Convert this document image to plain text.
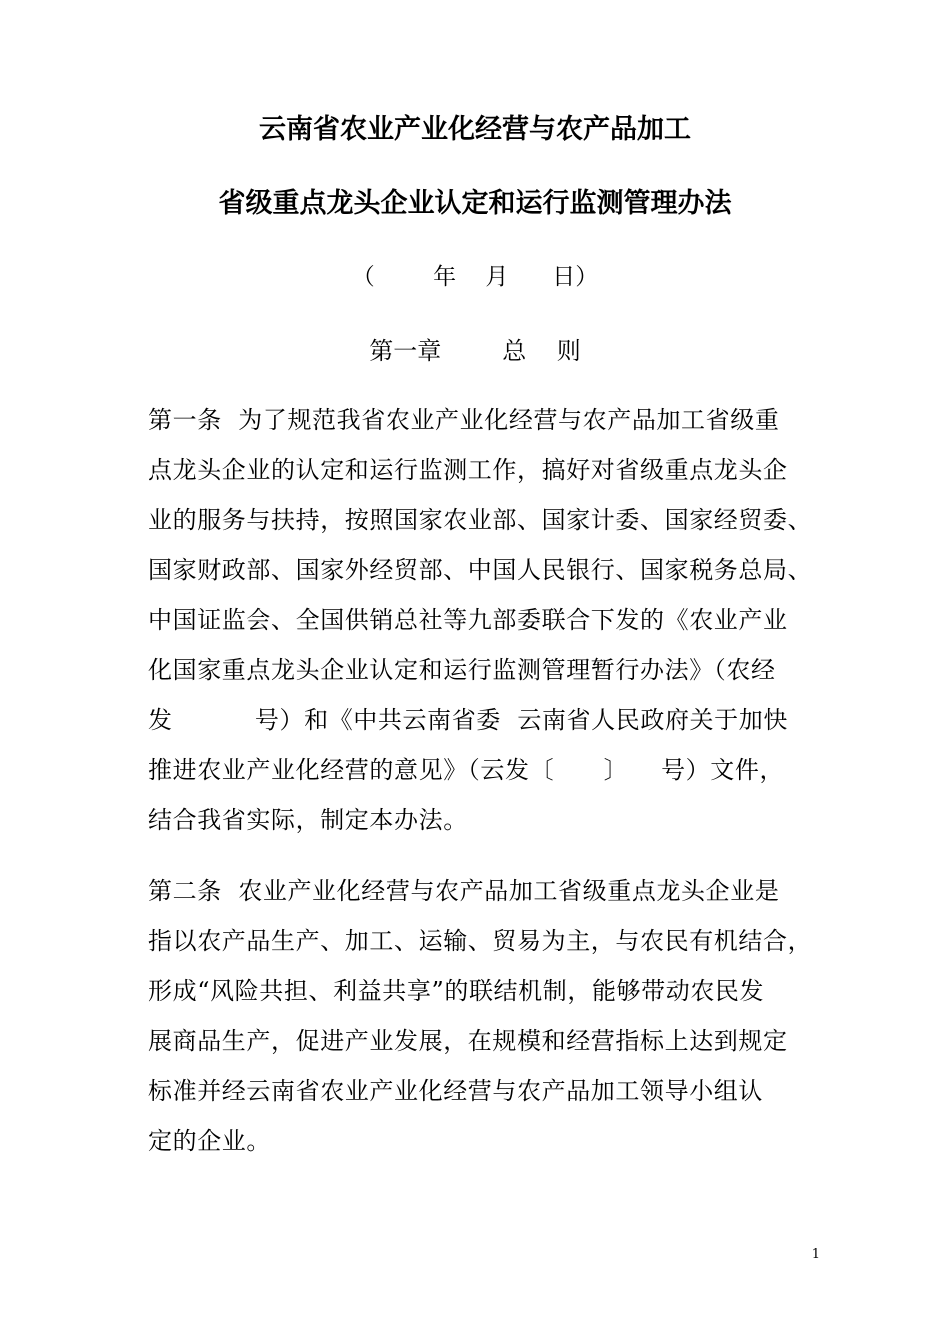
云南省农业产业化经营与农产品加工
省级重点龙头企业认定和运行监测管理办法
（        年    月      日）
第一章        总    则
第一条  为了规范我省农业产业化经营与农产品加工省级重
点龙头企业的认定和运行监测工作，搞好对省级重点龙头企
业的服务与扶持，按照国家农业部、国家计委、国家经贸委、
国家财政部、国家外经贸部、中国人民银行、国家税务总局、
中国证监会、全国供销总社等九部委联合下发的《农业产业
化国家重点龙头企业认定和运行监测管理暂行办法》（农经
发          号）和《中共云南省委  云南省人民政府关于加快
推进农业产业化经营的意见》（云发〔      〕    号）文件，
结合我省实际，制定本办法。
第二条  农业产业化经营与农产品加工省级重点龙头企业是
指以农产品生产、加工、运输、贸易为主，与农民有机结合，
形成“风险共担、利益共享”的联结机制，能够带动农民发
展商品生产，促进产业发展，在规模和经营指标上达到规定
标准并经云南省农业产业化经营与农产品加工领导小组认
定的企业。
1
